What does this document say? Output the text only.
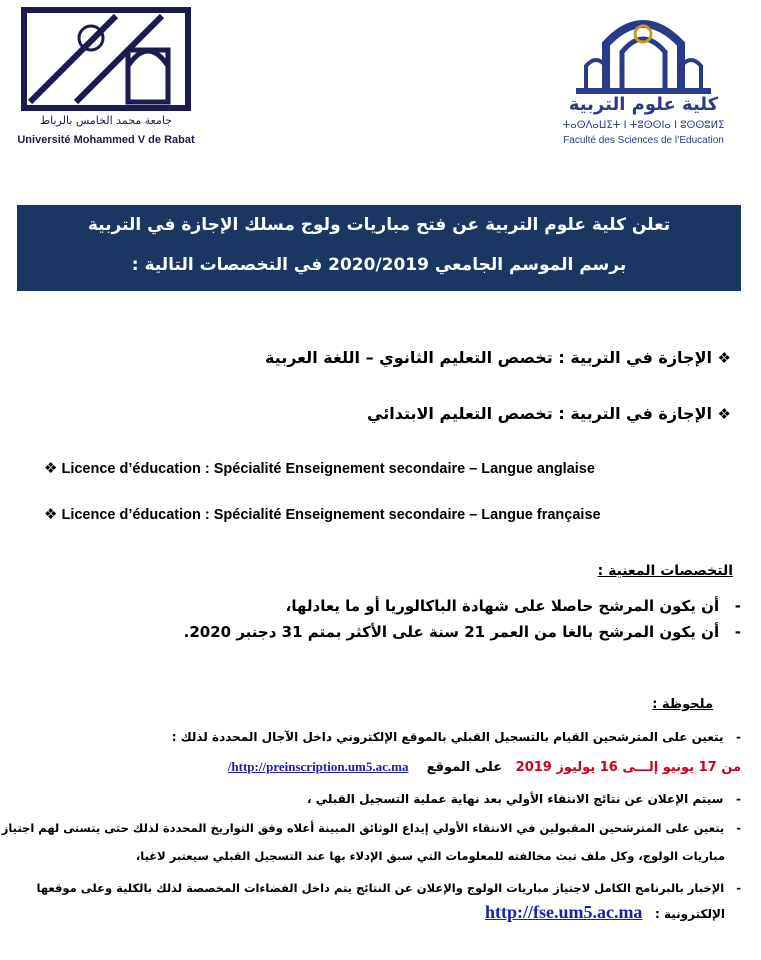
جامعة محمد الخامس بالرباط
Université Mohammed V de Rabat
كلية علوم التربية
ⵜⴰⵙⴷⴰⵡⵉⵜ ⵏ ⵜⵓⵙⵙⵏⴰ ⵏ ⵓⵙⵙⵓⵍⵉ
Faculté des Sciences de l’Education
تعلن كلية علوم التربية عن فتح مباريات ولوج مسلك الإجازة في التربية
برسم الموسم الجامعي 2020/2019 في التخصصات التالية :
❖ الإجازة في التربية : تخصص التعليم الثانوي – اللغة العربية
❖ الإجازة في التربية : تخصص التعليم الابتدائي
❖ Licence d’éducation : Spécialité Enseignement secondaire – Langue anglaise
❖ Licence d’éducation : Spécialité Enseignement secondaire – Langue française
التخصصات المعنية :
-   أن يكون المرشح حاصلا على شهادة الباكالوريا أو ما يعادلها،
-   أن يكون المرشح بالغا من العمر 21 سنة على الأكثر بمتم 31 دجنبر 2020.
ملحوظة :
-   يتعين على المترشحين القيام بالتسجيل القبلي بالموقع الإلكتروني داخل الآجال المحددة لذلك :
من 17 يونيو إلـــى 16 يوليوز 2019   على الموقع    http://preinscription.um5.ac.ma/
-   سيتم الإعلان عن نتائج الانتقاء الأولي بعد نهاية عملية التسجيل القبلي ،
-   يتعين على المترشحين المقبولين في الانتقاء الأولي إيداع الوثائق المبينة أعلاه وفق التواريخ المحددة لذلك حتى يتسنى لهم اجتياز
مباريات الولوج، وكل ملف تبث مخالفته للمعلومات التي سبق الإدلاء بها عند التسجيل القبلي سيعتبر لاغيا،
-   الإخبار بالبرنامج الكامل لاجتياز مباريات الولوج والإعلان عن النتائج يتم داخل الفضاءات المخصصة لذلك بالكلية وعلى موقعها
الإلكترونية :   http://fse.um5.ac.ma
